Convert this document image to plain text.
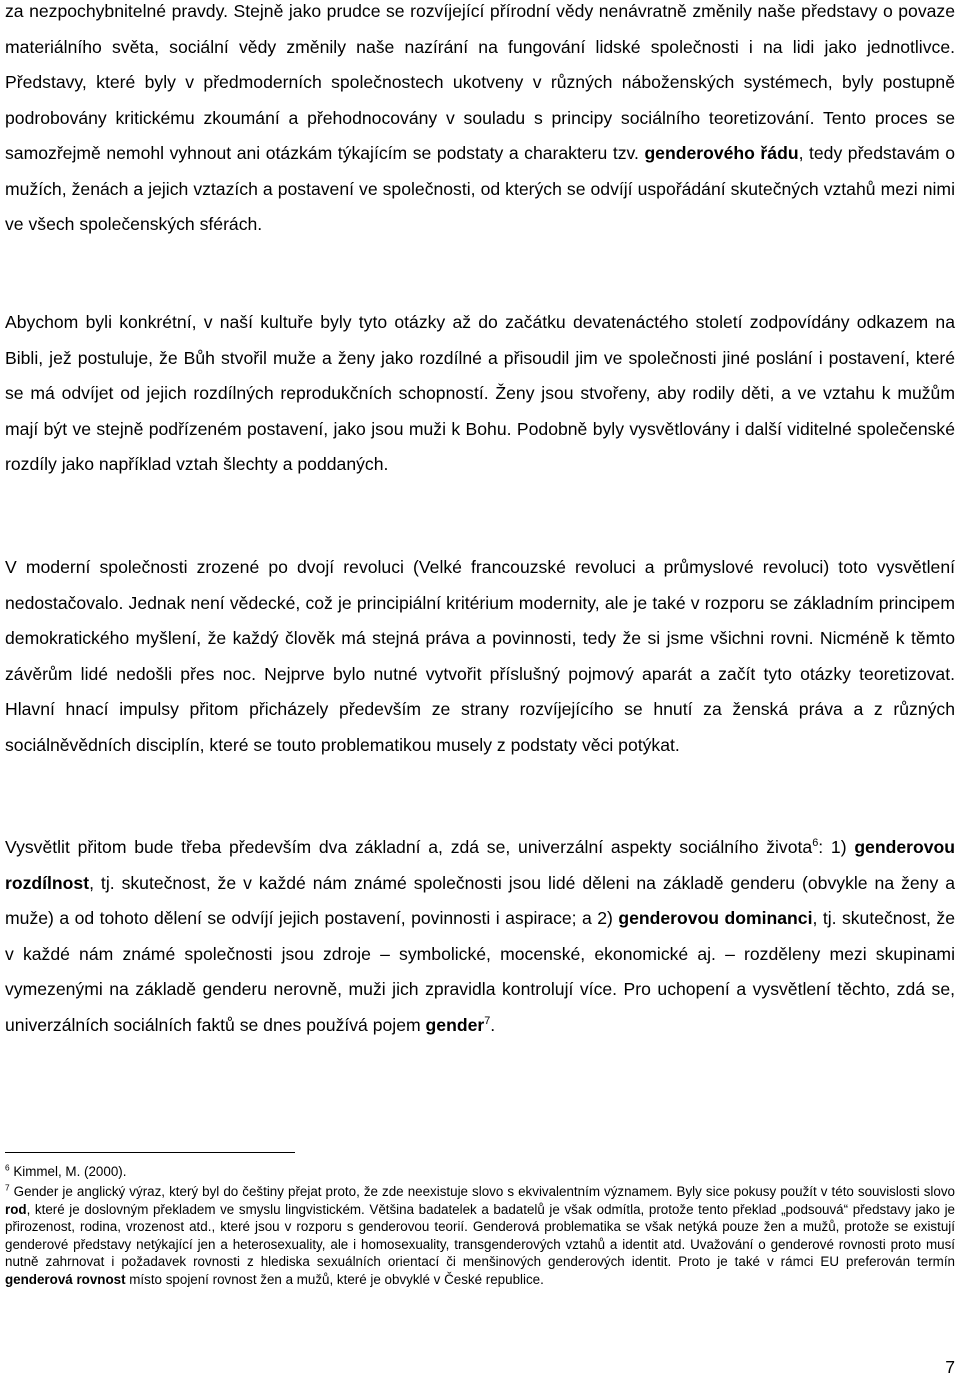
za nezpochybnitelné pravdy. Stejně jako prudce se rozvíjející přírodní vědy nenávratně změnily naše představy o povaze materiálního světa, sociální vědy změnily naše nazírání na fungování lidské společnosti i na lidi jako jednotlivce. Představy, které byly v předmoderních společnostech ukotveny v různých náboženských systémech, byly postupně podrobovány kritickému zkoumání a přehodnocovány v souladu s principy sociálního teoretizování. Tento proces se samozřejmě nemohl vyhnout ani otázkám týkajícím se podstaty a charakteru tzv. genderového řádu, tedy představám o mužích, ženách a jejich vztazích a postavení ve společnosti, od kterých se odvíjí uspořádání skutečných vztahů mezi nimi ve všech společenských sférách.

Abychom byli konkrétní, v naší kultuře byly tyto otázky až do začátku devatenáctého století zodpovídány odkazem na Bibli, jež postuluje, že Bůh stvořil muže a ženy jako rozdílné a přisoudil jim ve společnosti jiné poslání i postavení, které se má odvíjet od jejich rozdílných reprodukčních schopností. Ženy jsou stvořeny, aby rodily děti, a ve vztahu k mužům mají být ve stejně podřízeném postavení, jako jsou muži k Bohu. Podobně byly vysvětlovány i další viditelné společenské rozdíly jako například vztah šlechty a poddaných.

V moderní společnosti zrozené po dvojí revoluci (Velké francouzské revoluci a průmyslové revoluci) toto vysvětlení nedostačovalo. Jednak není vědecké, což je principiální kritérium modernity, ale je také v rozporu se základním principem demokratického myšlení, že každý člověk má stejná práva a povinnosti, tedy že si jsme všichni rovni. Nicméně k těmto závěrům lidé nedošli přes noc. Nejprve bylo nutné vytvořit příslušný pojmový aparát a začít tyto otázky teoretizovat. Hlavní hnací impulsy přitom přicházely především ze strany rozvíjejícího se hnutí za ženská práva a z různých sociálněvědních disciplín, které se touto problematikou musely z podstaty věci potýkat.

Vysvětlit přitom bude třeba především dva základní a, zdá se, univerzální aspekty sociálního života$^6$: 1) genderovou rozdílnost, tj. skutečnost, že v každé nám známé společnosti jsou lidé děleni na základě genderu (obvykle na ženy a muže) a od tohoto dělení se odvíjí jejich postavení, povinnosti i aspirace; a 2) genderovou dominanci, tj. skutečnost, že v každé nám známé společnosti jsou zdroje – symbolické, mocenské, ekonomické aj. – rozděleny mezi skupinami vymezenými na základě genderu nerovně, muži jich zpravidla kontrolují více. Pro uchopení a vysvětlení těchto, zdá se, univerzálních sociálních faktů se dnes používá pojem gender$^7$.

$^6$ Kimmel, M. (2000).

$^7$ Gender je anglický výraz, který byl do češtiny přejat proto, že zde neexistuje slovo s ekvivalentním významem. Byly sice pokusy použít v této souvislosti slovo rod, které je doslovným překladem ve smyslu lingvistickém. Většina badatelek a badatelů je však odmítla, protože tento překlad „podsouvá“ představy jako je přirozenost, rodina, vrozenost atd., které jsou v rozporu s genderovou teorií. Genderová problematika se však netýká pouze žen a mužů, protože se existují genderové představy netýkající jen a heterosexuality, ale i homosexuality, transgenderových vztahů a identit atd. Uvažování o genderové rovnosti proto musí nutně zahrnovat i požadavek rovnosti z hlediska sexuálních orientací či menšinových genderových identit. Proto je také v rámci EU preferován termín genderová rovnost místo spojení rovnost žen a mužů, které je obvyklé v České republice.

7
